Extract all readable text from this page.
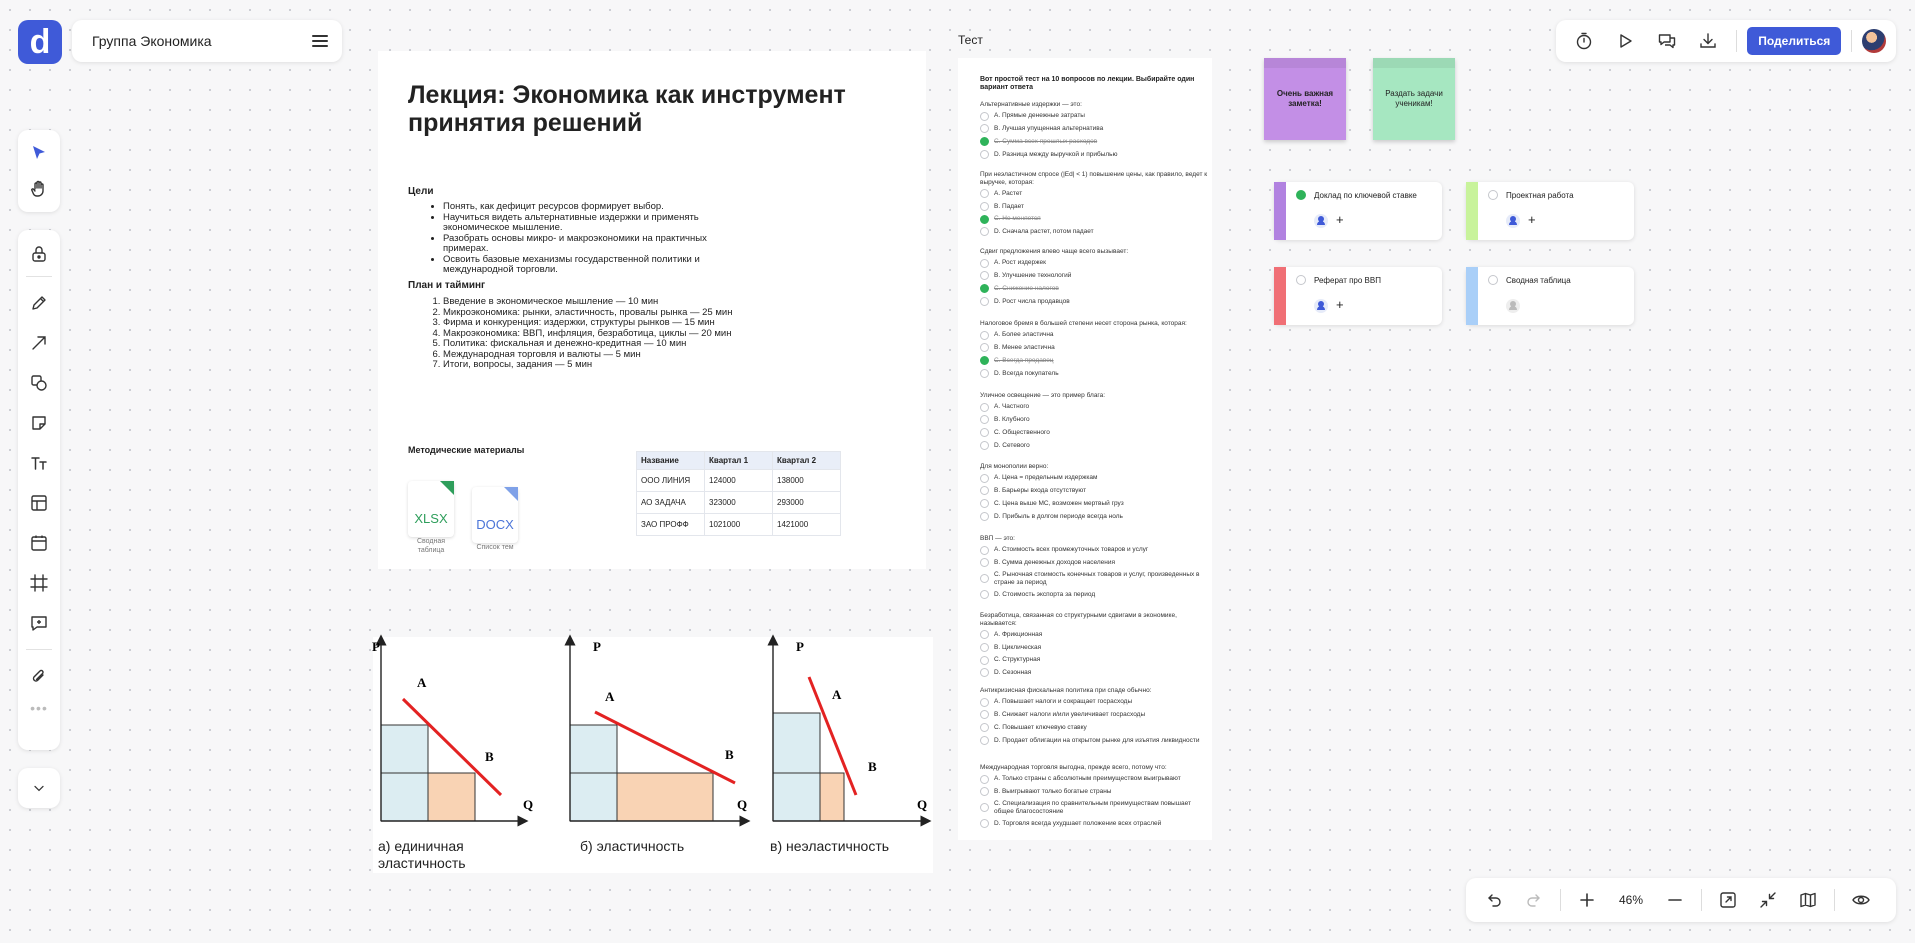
d	Группа Экономика
•••
Поделиться
46%
Лекция: Экономика как инструмент принятия решений
Цели
• Понять, как дефицит ресурсов формирует выбор.
• Научиться видеть альтернативные издержки и применять экономическое мышление.
• Разобрать основы микро- и макроэкономики на практичных примерах.
• Освоить базовые механизмы государственной политики и международной торговли.
План и тайминг
1. Введение в экономическое мышление — 10 мин
2. Микроэкономика: рынки, эластичность, провалы рынка — 25 мин
3. Фирма и конкуренция: издержки, структуры рынков — 15 мин
4. Макроэкономика: ВВП, инфляция, безработица, циклы — 20 мин
5. Политика: фискальная и денежно-кредитная — 10 мин
6. Международная торговля и валюты — 5 мин
7. Итоги, вопросы, задания — 5 мин
Методические материалы
XLSX
Сводная таблица
DOCX
Список тем
Название	Квартал 1	Квартал 2
ООО ЛИНИЯ	124000	138000
АО ЗАДАЧА	323000	293000
ЗАО ПРОФФ	1021000	1421000
P
Q
A
B
P
Q
A
B
P
Q
A
B
а) единичная эластичность
б) эластичность	в) неэластичность
Тест
Вот простой тест на 10 вопросов по лекции. Выбирайте один вариант ответа
Альтернативные издержки — это:
A. Прямые денежные затраты
B. Лучшая упущенная альтернатива
C. Сумма всех прошлых расходов
D. Разница между выручкой и прибылью
При неэластичном спросе (|Ed| < 1) повышение цены, как правило, ведет к выручке, которая:
A. Растет
B. Падает
C. Не меняется
D. Сначала растет, потом падает
Сдвиг предложения влево чаще всего вызывает:
A. Рост издержек
B. Улучшение технологий
C. Снижение налогов
D. Рост числа продавцов
Налоговое бремя в большей степени несет сторона рынка, которая:
A. Более эластична
B. Менее эластична
C. Всегда продавец
D. Всегда покупатель
Уличное освещение — это пример блага:
A. Частного
B. Клубного
C. Общественного
D. Сетевого
Для монополии верно:
A. Цена = предельным издержкам
B. Барьеры входа отсутствуют
C. Цена выше МС, возможен мертвый груз
D. Прибыль в долгом периоде всегда ноль
ВВП — это:
A. Стоимость всех промежуточных товаров и услуг
B. Сумма денежных доходов населения
C. Рыночная стоимость конечных товаров и услуг, произведенных в стране за период
D. Стоимость экспорта за период
Безработица, связанная со структурными сдвигами в экономике, называется:
A. Фрикционная
B. Циклическая
C. Структурная
D. Сезонная
Антикризисная фискальная политика при спаде обычно:
A. Повышает налоги и сокращает госрасходы
B. Снижает налоги и/или увеличивает госрасходы
C. Повышает ключевую ставку
D. Продает облигации на открытом рынке для изъятия ликвидности
Международная торговля выгодна, прежде всего, потому что:
A. Только страны с абсолютным преимуществом выигрывают
B. Выигрывают только богатые страны
C. Специализация по сравнительным преимуществам повышает общее благосостояние
D. Торговля всегда ухудшает положение всех отраслей
Очень важная заметка!
Раздать задачи ученикам!
Доклад по ключевой ставке
+
Проектная работа
+
Реферат про ВВП
+
Сводная таблица
